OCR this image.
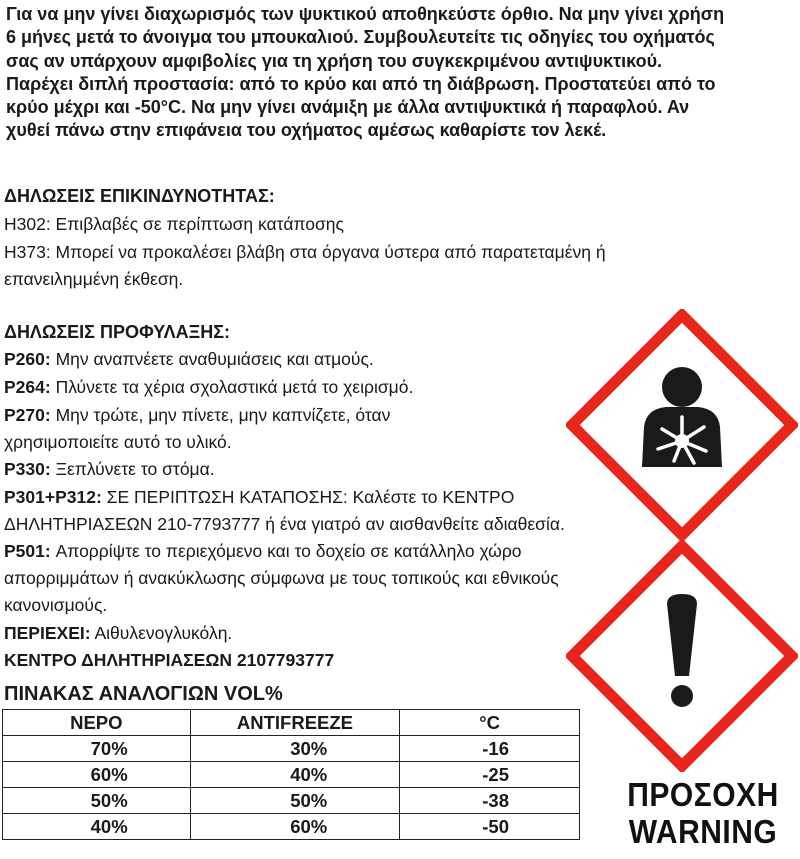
Για να μην γίνει διαχωρισμός των ψυκτικού αποθηκεύστε όρθιο. Να μην γίνει χρήση

6 μήνες μετά το άνοιγμα του μπουκαλιού. Συμβουλευτείτε τις οδηγίες του οχήματός

σας αν υπάρχουν αμφιβολίες για τη χρήση του συγκεκριμένου αντιψυκτικού.

Παρέχει διπλή προστασία: από το κρύο και από τη διάβρωση. Προστατεύει από το

κρύο μέχρι και -50°C. Να μην γίνει ανάμιξη με άλλα αντιψυκτικά ή παραφλού. Αν

χυθεί πάνω στην επιφάνεια του οχήματος αμέσως καθαρίστε τον λεκέ.

ΔΗΛΩΣΕΙΣ ΕΠΙΚΙΝΔΥΝΟΤΗΤΑΣ:
H302: Επιβλαβές σε περίπτωση κατάποσης
H373: Μπορεί να προκαλέσει βλάβη στα όργανα ύστερα από παρατεταμένη ή
επανειλημμένη έκθεση.
ΔΗΛΩΣΕΙΣ ΠΡΟΦΥΛΑΞΗΣ:
P260: Μην αναπνέετε αναθυμιάσεις και ατμούς.
P264: Πλύνετε τα χέρια σχολαστικά μετά το χειρισμό.
P270: Μην τρώτε, μην πίνετε, μην καπνίζετε, όταν
χρησιμοποιείτε αυτό το υλικό.
P330: Ξεπλύνετε το στόμα.
P301+P312: ΣΕ ΠΕΡΙΠΤΩΣΗ ΚΑΤΑΠΟΣΗΣ: Καλέστε το ΚΕΝΤΡΟ
ΔΗΛΗΤΗΡΙΑΣΕΩΝ 210-7793777 ή ένα γιατρό αν αισθανθείτε αδιαθεσία.
P501: Απορρίψτε το περιεχόμενο και το δοχείο σε κατάλληλο χώρο
απορριμμάτων ή ανακύκλωσης σύμφωνα με τους τοπικούς και εθνικούς
κανονισμούς.
ΠΕΡΙΕΧΕΙ: Αιθυλενογλυκόλη.
ΚΕΝΤΡΟ ΔΗΛΗΤΗΡΙΑΣΕΩΝ 2107793777
ΠΙΝΑΚΑΣ ΑΝΑΛΟΓΙΩΝ VOL%
ΝΕΡΟ	ANTIFREEZE	°C
70%	30%	-16
60%	40%	-25
50%	50%	-38
40%	60%	-50
ΠΡΟΣΟΧΗ
WARNING
